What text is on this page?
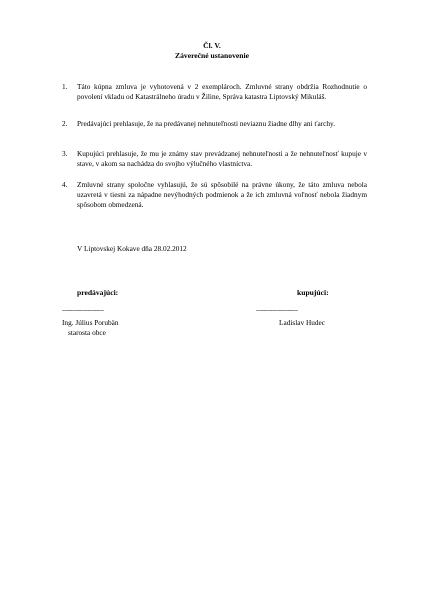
Čl. V.
Záverečné ustanovenie
1. Táto kúpna zmluva je vyhotovená v 2 exemplároch. Zmluvné strany obdržia Rozhodnutie o povolení vkladu od Katastrálneho úradu v Žiline, Správa katastra Liptovský Mikuláš.
2. Predávajúci prehlasuje, že na predávanej nehnuteľnosti neviaznu žiadne dlhy ani ťarchy.
3. Kupujúci prehlasuje, že mu je známy stav prevádzanej nehnuteľnosti a že nehnuteľnosť kupuje v stave, v akom sa nachádza do svojho výlučného vlastníctva.
4. Zmluvné strany spoločne vyhlasujú, že sú spôsobilé na právne úkony, že táto zmluva nebola uzavretá v tiesni za nápadne nevýhodných podmienok a že ich zmluvná voľnosť nebola žiadnym spôsobom obmedzená.
V Liptovskej Kokave dňa 28.02.2012
predávajúci:	kupujúci:
..............................................	..............................................
Ing. Július Porubän
starosta obce
Ladislav Hudec
